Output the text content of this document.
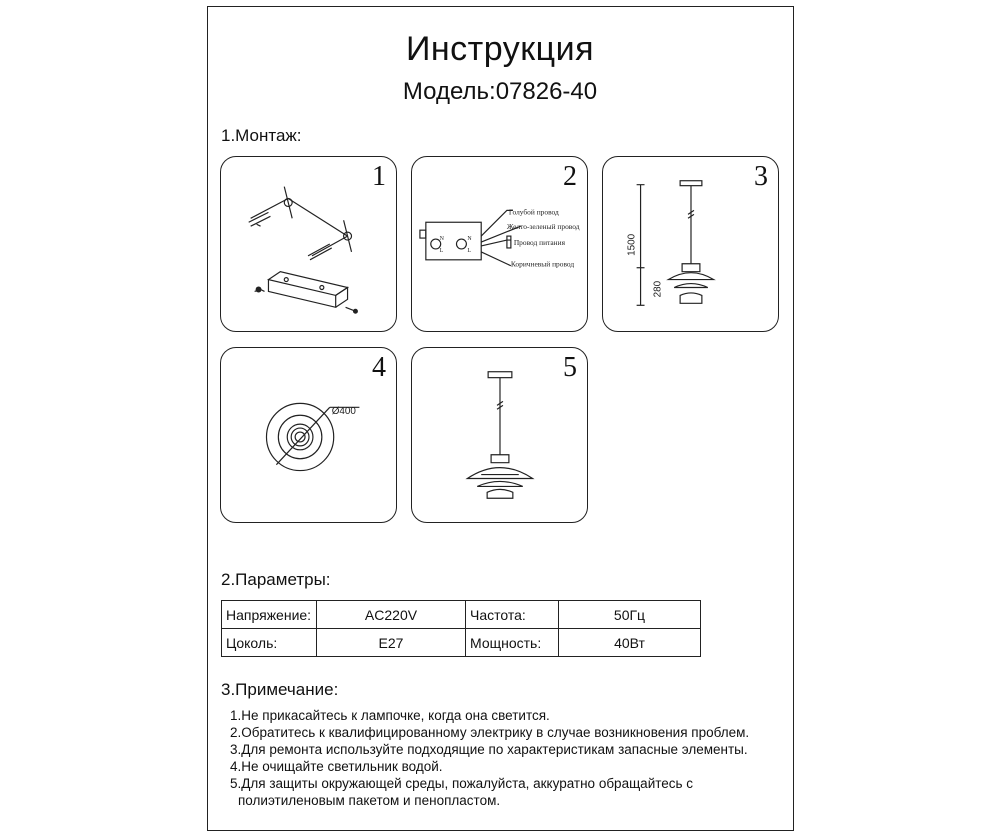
Инструкция
Модель:07826-40
1.Монтаж:
1	2
Голубой провод
Желто-зеленый провод
Провод питания
Коричневый провод
N
L
N
L
3
1500
280
4
Ø400
5
2.Параметры:
Напряжение:	AC220V	Частота:	50Гц
Цоколь:	E27	Мощность:	40Вт
3.Примечание:
1.Не прикасайтесь к лампочке, когда она светится.
2.Обратитесь к квалифицированному электрику в случае возникновения проблем.
3.Для ремонта используйте подходящие по характеристикам запасные элементы.
4.Не очищайте светильник водой.
5.Для защиты окружающей среды, пожалуйста, аккуратно обращайтесь с
полиэтиленовым пакетом и пенопластом.
